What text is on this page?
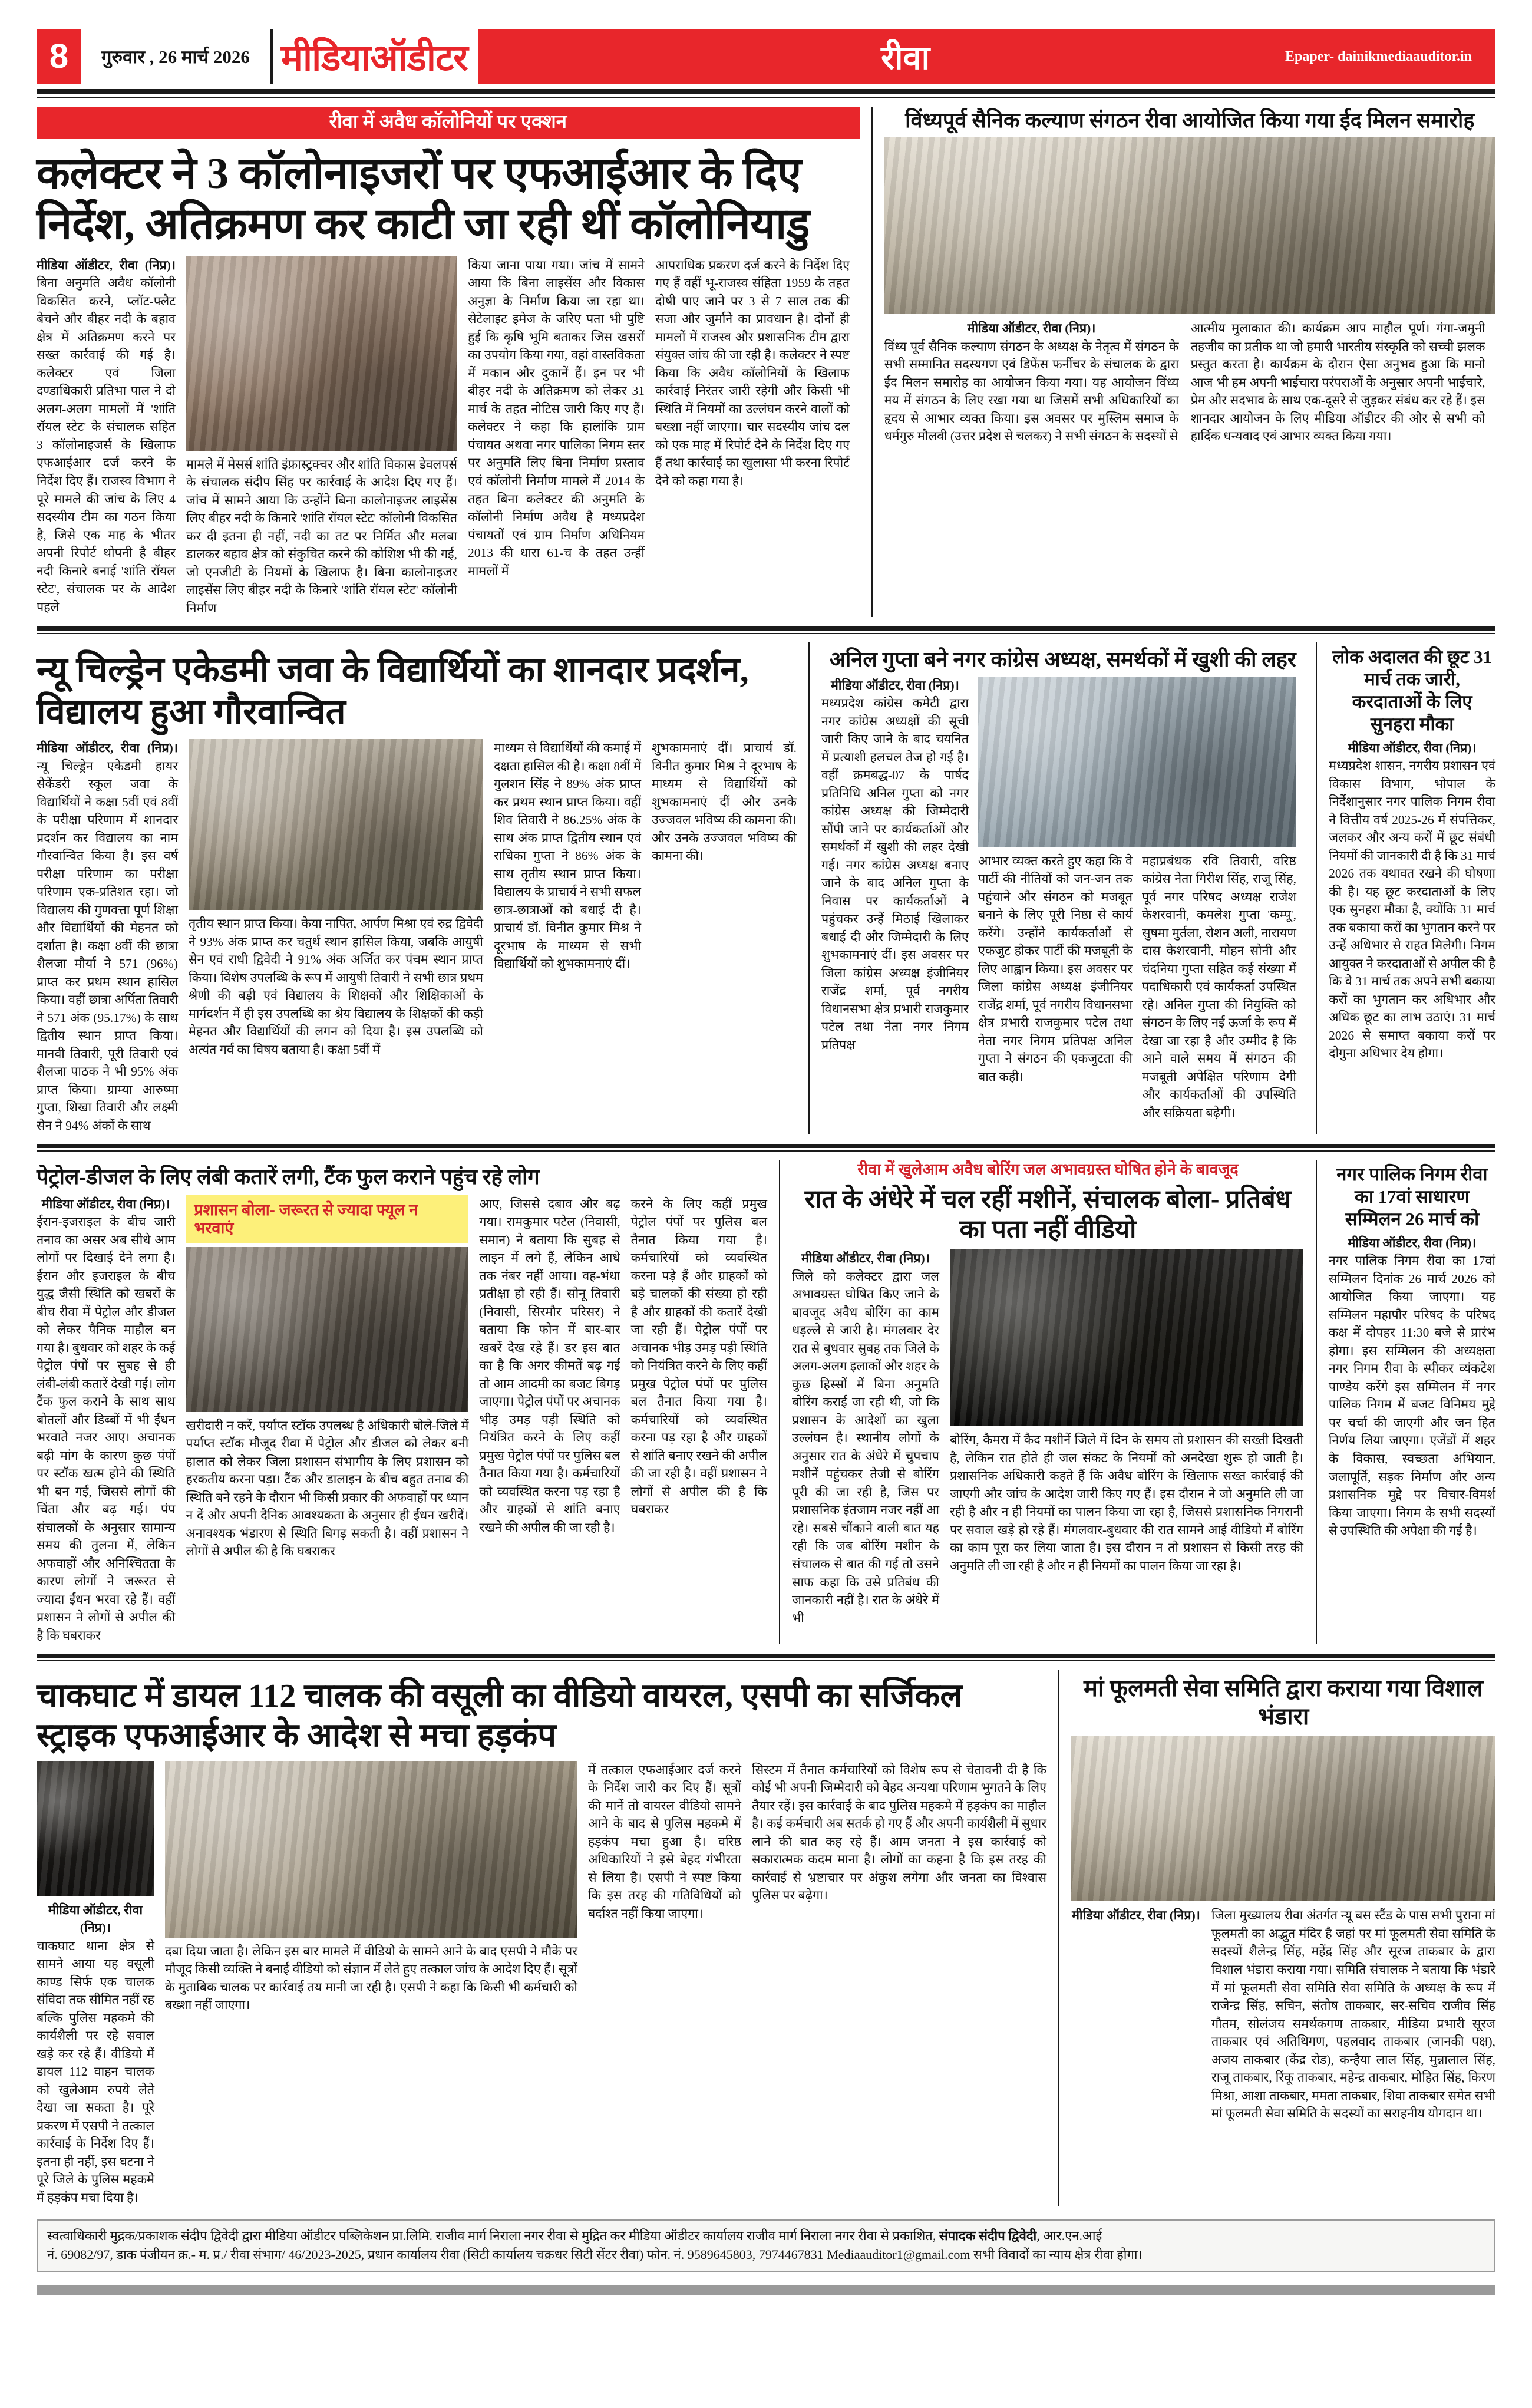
8	गुरुवार , 26 मार्च 2026 मीडियाऑडीटर	रीवा	Epaper- dainikmediaauditor.in
रीवा में अवैध कॉलोनियों पर एक्शन
कलेक्टर ने 3 कॉलोनाइजरों पर एफआईआर के दिए निर्देश, अतिक्रमण कर काटी जा रही थीं कॉलोनियाडु

मीडिया ऑडीटर, रीवा (निप्र)। बिना अनुमति अवैध कॉलोनी विकसित करने, प्लॉट-फ्लैट बेचने और बीहर नदी के बहाव क्षेत्र में अतिक्रमण करने पर सख्त कार्रवाई की गई है। कलेक्टर एवं जिला दण्डाधिकारी प्रतिभा पाल ने दो अलग-अलग मामलों में 'शांति रॉयल स्टेट' के संचालक सहित 3 कॉलोनाइजर्स के खिलाफ एफआईआर दर्ज करने के निर्देश दिए हैं। राजस्व विभाग ने पूरे मामले की जांच के लिए 4 सदस्यीय टीम का गठन किया है, जिसे एक माह के भीतर अपनी रिपोर्ट थोपनी है बीहर नदी किनारे बनाई 'शांति रॉयल स्टेट', संचालक पर के आदेश पहले

मामले में मेसर्स शांति इंफ्रास्ट्रक्चर और शांति विकास डेवलपर्स के संचालक संदीप सिंह पर कार्रवाई के आदेश दिए गए हैं। जांच में सामने आया कि उन्होंने बिना कालोनाइजर लाइसेंस लिए बीहर नदी के किनारे 'शांति रॉयल स्टेट' कॉलोनी विकसित कर दी इतना ही नहीं, नदी का तट पर निर्मित और मलबा डालकर बहाव क्षेत्र को संकुचित करने की कोशिश भी की गई, जो एनजीटी के नियमों के खिलाफ है। बिना कालोनाइजर लाइसेंस लिए बीहर नदी के किनारे 'शांति रॉयल स्टेट' कॉलोनी निर्माण

किया जाना पाया गया। जांच में सामने आया कि बिना लाइसेंस और विकास अनुज्ञा के निर्माण किया जा रहा था। सेटेलाइट इमेज के जरिए पता भी पुष्टि हुई कि कृषि भूमि बताकर जिस खसरों का उपयोग किया गया, वहां वास्तविकता में मकान और दुकानें हैं। इन पर भी बीहर नदी के अतिक्रमण को लेकर 31 मार्च के तहत नोटिस जारी किए गए हैं। कलेक्टर ने कहा कि हालांकि ग्राम पंचायत अथवा नगर पालिका निगम स्तर पर अनुमति लिए बिना निर्माण प्रस्ताव एवं कॉलोनी निर्माण मामले में 2014 के तहत बिना कलेक्टर की अनुमति के कॉलोनी निर्माण अवैध है मध्यप्रदेश पंचायतों एवं ग्राम निर्माण अधिनियम 2013 की धारा 61-च के तहत उन्हीं मामलों में

आपराधिक प्रकरण दर्ज करने के निर्देश दिए गए हैं वहीं भू-राजस्व संहिता 1959 के तहत दोषी पाए जाने पर 3 से 7 साल तक की सजा और जुर्माने का प्रावधान है। दोनों ही मामलों में राजस्व और प्रशासनिक टीम द्वारा संयुक्त जांच की जा रही है। कलेक्टर ने स्पष्ट किया कि अवैध कॉलोनियों के खिलाफ कार्रवाई निरंतर जारी रहेगी और किसी भी स्थिति में नियमों का उल्लंघन करने वालों को बख्शा नहीं जाएगा। चार सदस्यीय जांच दल को एक माह में रिपोर्ट देने के निर्देश दिए गए हैं तथा कार्रवाई का खुलासा भी करना रिपोर्ट देने को कहा गया है।

विंध्यपूर्व सैनिक कल्याण संगठन रीवा आयोजित किया गया ईद मिलन समारोह

मीडिया ऑडीटर, रीवा (निप्र)।

विंध्य पूर्व सैनिक कल्याण संगठन के अध्यक्ष के नेतृत्व में संगठन के सभी सम्मानित सदस्यगण एवं डिफेंस फर्नीचर के संचालक के द्वारा ईद मिलन समारोह का आयोजन किया गया। यह आयोजन विंध्य मय में संगठन के लिए रखा गया था जिसमें सभी अधिकारियों का हृदय से आभार व्यक्त किया। इस अवसर पर मुस्लिम समाज के धर्मगुरु मौलवी (उत्तर प्रदेश से चलकर) ने सभी संगठन के सदस्यों से

आत्मीय मुलाकात की। कार्यक्रम आप माहौल पूर्ण। गंगा-जमुनी तहजीब का प्रतीक था जो हमारी भारतीय संस्कृति को सच्ची झलक प्रस्तुत करता है। कार्यक्रम के दौरान ऐसा अनुभव हुआ कि मानो आज भी हम अपनी भाईचारा परंपराओं के अनुसार अपनी भाईचारे, प्रेम और सदभाव के साथ एक-दूसरे से जुड़कर संबंध कर रहे हैं। इस शानदार आयोजन के लिए मीडिया ऑडीटर की ओर से सभी को हार्दिक धन्यवाद एवं आभार व्यक्त किया गया।

न्यू चिल्ड्रेन एकेडमी जवा के विद्यार्थियों का शानदार प्रदर्शन, विद्यालय हुआ गौरवान्वित

मीडिया ऑडीटर, रीवा (निप्र)। न्यू चिल्ड्रेन एकेडमी हायर सेकेंडरी स्कूल जवा के विद्यार्थियों ने कक्षा 5वीं एवं 8वीं के परीक्षा परिणाम में शानदार प्रदर्शन कर विद्यालय का नाम गौरवान्वित किया है। इस वर्ष परीक्षा परिणाम का परीक्षा परिणाम एक-प्रतिशत रहा। जो विद्यालय की गुणवत्ता पूर्ण शिक्षा और विद्यार्थियों की मेहनत को दर्शाता है। कक्षा 8वीं की छात्रा शैलजा मौर्या ने 571 (96%) प्राप्त कर प्रथम स्थान हासिल किया। वहीं छात्रा अर्पिता तिवारी ने 571 अंक (95.17%) के साथ द्वितीय स्थान प्राप्त किया। मानवी तिवारी, पूरी तिवारी एवं शैलजा पाठक ने भी 95% अंक प्राप्त किया। ग्राम्या आरुष्मा गुप्ता, शिखा तिवारी और लक्ष्मी सेन ने 94% अंकों के साथ

तृतीय स्थान प्राप्त किया। केया नापित, आर्पण मिश्रा एवं रुद्र द्विवेदी ने 93% अंक प्राप्त कर चतुर्थ स्थान हासिल किया, जबकि आयुषी सेन एवं राधी द्विवेदी ने 91% अंक अर्जित कर पंचम स्थान प्राप्त किया। विशेष उपलब्धि के रूप में आयुषी तिवारी ने सभी छात्र प्रथम श्रेणी की बड़ी एवं विद्यालय के शिक्षकों और शिक्षिकाओं के मार्गदर्शन में ही इस उपलब्धि का श्रेय विद्यालय के शिक्षकों की कड़ी मेहनत और विद्यार्थियों की लगन को दिया है। इस उपलब्धि को अत्यंत गर्व का विषय बताया है। कक्षा 5वीं में

माध्यम से विद्यार्थियों की कमाई में दक्षता हासिल की है। कक्षा 8वीं में गुलशन सिंह ने 89% अंक प्राप्त कर प्रथम स्थान प्राप्त किया। वहीं शिव तिवारी ने 86.25% अंक के साथ अंक प्राप्त द्वितीय स्थान एवं राधिका गुप्ता ने 86% अंक के साथ तृतीय स्थान प्राप्त किया। विद्यालय के प्राचार्य ने सभी सफल छात्र-छात्राओं को बधाई दी है। प्राचार्य डॉ. विनीत कुमार मिश्र ने दूरभाष के माध्यम से सभी विद्यार्थियों को शुभकामनाएं दीं।

शुभकामनाएं दीं। प्राचार्य डॉ. विनीत कुमार मिश्र ने दूरभाष के माध्यम से विद्यार्थियों को शुभकामनाएं दीं और उनके उज्जवल भविष्य की कामना की। और उनके उज्जवल भविष्य की कामना की।

अनिल गुप्ता बने नगर कांग्रेस अध्यक्ष, समर्थकों में खुशी की लहर

मीडिया ऑडीटर, रीवा (निप्र)।

मध्यप्रदेश कांग्रेस कमेटी द्वारा नगर कांग्रेस अध्यक्षों की सूची जारी किए जाने के बाद चयनित में प्रत्याशी हलचल तेज हो गई है। वहीं क्रमबद्ध-07 के पार्षद प्रतिनिधि अनिल गुप्ता को नगर कांग्रेस अध्यक्ष की जिम्मेदारी सौंपी जाने पर कार्यकर्ताओं और समर्थकों में खुशी की लहर देखी गई। नगर कांग्रेस अध्यक्ष बनाए जाने के बाद अनिल गुप्ता के निवास पर कार्यकर्ताओं ने पहुंचकर उन्हें मिठाई खिलाकर बधाई दी और जिम्मेदारी के लिए शुभकामनाएं दीं। इस अवसर पर जिला कांग्रेस अध्यक्ष इंजीनियर राजेंद्र शर्मा, पूर्व नगरीय विधानसभा क्षेत्र प्रभारी राजकुमार पटेल तथा नेता नगर निगम प्रतिपक्ष

आभार व्यक्त करते हुए कहा कि वे पार्टी की नीतियों को जन-जन तक पहुंचाने और संगठन को मजबूत बनाने के लिए पूरी निष्ठा से कार्य करेंगे। उन्होंने कार्यकर्ताओं से एकजुट होकर पार्टी की मजबूती के लिए आह्वान किया। इस अवसर पर जिला कांग्रेस अध्यक्ष इंजीनियर राजेंद्र शर्मा, पूर्व नगरीय विधानसभा क्षेत्र प्रभारी राजकुमार पटेल तथा नेता नगर निगम प्रतिपक्ष अनिल गुप्ता ने संगठन की एकजुटता की बात कही।

महाप्रबंधक रवि तिवारी, वरिष्ठ कांग्रेस नेता गिरीश सिंह, राजू सिंह, पूर्व नगर परिषद अध्यक्ष राजेश केशरवानी, कमलेश गुप्ता 'कम्पू', सुषमा मुर्तला, रोशन अली, नारायण दास केशरवानी, मोहन सोनी और चंदनिया गुप्ता सहित कई संख्या में पदाधिकारी एवं कार्यकर्ता उपस्थित रहे। अनिल गुप्ता की नियुक्ति को संगठन के लिए नई ऊर्जा के रूप में देखा जा रहा है और उम्मीद है कि आने वाले समय में संगठन की मजबूती अपेक्षित परिणाम देगी और कार्यकर्ताओं की उपस्थिति और सक्रियता बढ़ेगी।

लोक अदालत की छूट 31 मार्च तक जारी, करदाताओं के लिए सुनहरा मौका

मीडिया ऑडीटर, रीवा (निप्र)।

मध्यप्रदेश शासन, नगरीय प्रशासन एवं विकास विभाग, भोपाल के निर्देशानुसार नगर पालिक निगम रीवा ने वित्तीय वर्ष 2025-26 में संपत्तिकर, जलकर और अन्य करों में छूट संबंधी नियमों की जानकारी दी है कि 31 मार्च 2026 तक यथावत रखने की घोषणा की है। यह छूट करदाताओं के लिए एक सुनहरा मौका है, क्योंकि 31 मार्च तक बकाया करों का भुगतान करने पर उन्हें अधिभार से राहत मिलेगी। निगम आयुक्त ने करदाताओं से अपील की है कि वे 31 मार्च तक अपने सभी बकाया करों का भुगतान कर अधिभार और अधिक छूट का लाभ उठाएं। 31 मार्च 2026 से समाप्त बकाया करों पर दोगुना अधिभार देय होगा।

पेट्रोल-डीजल के लिए लंबी कतारें लगी, टैंक फुल कराने पहुंच रहे लोग

मीडिया ऑडीटर, रीवा (निप्र)।

ईरान-इजराइल के बीच जारी तनाव का असर अब सीधे आम लोगों पर दिखाई देने लगा है। ईरान और इजराइल के बीच युद्ध जैसी स्थिति को खबरों के बीच रीवा में पेट्रोल और डीजल को लेकर पैनिक माहौल बन गया है। बुधवार को शहर के कई पेट्रोल पंपों पर सुबह से ही लंबी-लंबी कतारें देखी गईं। लोग टैंक फुल कराने के साथ साथ बोतलों और डिब्बों में भी ईंधन भरवाते नजर आए। अचानक बढ़ी मांग के कारण कुछ पंपों पर स्टॉक खत्म होने की स्थिति भी बन गई, जिससे लोगों की चिंता और बढ़ गई। पंप संचालकों के अनुसार सामान्य समय की तुलना में, लेकिन अफवाहों और अनिश्चितता के कारण लोगों ने जरूरत से ज्यादा ईंधन भरवा रहे हैं। वहीं प्रशासन ने लोगों से अपील की है कि घबराकर

प्रशासन बोला- जरूरत से ज्यादा फ्यूल न भरवाएं

खरीदारी न करें, पर्याप्त स्टॉक उपलब्ध है अधिकारी बोले-जिले में पर्याप्त स्टॉक मौजूद रीवा में पेट्रोल और डीजल को लेकर बनी हालात को लेकर जिला प्रशासन संभागीय के लिए प्रशासन को हरकतीय करना पड़ा। टैंक और डालाइन के बीच बहुत तनाव की स्थिति बने रहने के दौरान भी किसी प्रकार की अफवाहों पर ध्यान न दें और अपनी दैनिक आवश्यकता के अनुसार ही ईंधन खरीदें। अनावश्यक भंडारण से स्थिति बिगड़ सकती है। वहीं प्रशासन ने लोगों से अपील की है कि घबराकर

आए, जिससे दबाव और बढ़ गया। रामकुमार पटेल (निवासी, समान) ने बताया कि सुबह से लाइन में लगे हैं, लेकिन आधे तक नंबर नहीं आया। वह-भंधा प्रतीक्षा हो रही हैं। सोनू तिवारी (निवासी, सिरमौर परिसर) ने बताया कि फोन में बार-बार खबरें देख रहे हैं। डर इस बात का है कि अगर कीमतें बढ़ गईं तो आम आदमी का बजट बिगड़ जाएगा। पेट्रोल पंपों पर अचानक भीड़ उमड़ पड़ी स्थिति को नियंत्रित करने के लिए कहीं प्रमुख पेट्रोल पंपों पर पुलिस बल तैनात किया गया है। कर्मचारियों को व्यवस्थित करना पड़ रहा है और ग्राहकों से शांति बनाए रखने की अपील की जा रही है।

करने के लिए कहीं प्रमुख पेट्रोल पंपों पर पुलिस बल तैनात किया गया है। कर्मचारियों को व्यवस्थित करना पड़े हैं और ग्राहकों को बड़े चालकों की संख्या हो रही है और ग्राहकों की कतारें देखी जा रही हैं। पेट्रोल पंपों पर अचानक भीड़ उमड़ पड़ी स्थिति को नियंत्रित करने के लिए कहीं प्रमुख पेट्रोल पंपों पर पुलिस बल तैनात किया गया है। कर्मचारियों को व्यवस्थित करना पड़ रहा है और ग्राहकों से शांति बनाए रखने की अपील की जा रही है। वहीं प्रशासन ने लोगों से अपील की है कि घबराकर

रीवा में खुलेआम अवैध बोरिंग जल अभावग्रस्त घोषित होने के बावजूद
रात के अंधेरे में चल रहीं मशीनें, संचालक बोला- प्रतिबंध का पता नहीं वीडियो

मीडिया ऑडीटर, रीवा (निप्र)।

जिले को कलेक्टर द्वारा जल अभावग्रस्त घोषित किए जाने के बावजूद अवैध बोरिंग का काम धड़ल्ले से जारी है। मंगलवार देर रात से बुधवार सुबह तक जिले के अलग-अलग इलाकों और शहर के कुछ हिस्सों में बिना अनुमति बोरिंग कराई जा रही थी, जो कि प्रशासन के आदेशों का खुला उल्लंघन है। स्थानीय लोगों के अनुसार रात के अंधेरे में चुपचाप मशीनें पहुंचकर तेजी से बोरिंग पूरी की जा रही है, जिस पर प्रशासनिक इंतजाम नजर नहीं आ रहे। सबसे चौंकाने वाली बात यह रही कि जब बोरिंग मशीन के संचालक से बात की गई तो उसने साफ कहा कि उसे प्रतिबंध की जानकारी नहीं है। रात के अंधेरे में भी

बोरिंग, कैमरा में कैद मशीनें जिले में दिन के समय तो प्रशासन की सख्ती दिखती है, लेकिन रात होते ही जल संकट के नियमों को अनदेखा शुरू हो जाती है। प्रशासनिक अधिकारी कहते हैं कि अवैध बोरिंग के खिलाफ सख्त कार्रवाई की जाएगी और जांच के आदेश जारी किए गए हैं। इस दौरान ने जो अनुमति ली जा रही है और न ही नियमों का पालन किया जा रहा है, जिससे प्रशासनिक निगरानी पर सवाल खड़े हो रहे हैं। मंगलवार-बुधवार की रात सामने आई वीडियो में बोरिंग का काम पूरा कर लिया जाता है। इस दौरान न तो प्रशासन से किसी तरह की अनुमति ली जा रही है और न ही नियमों का पालन किया जा रहा है।

नगर पालिक निगम रीवा का 17वां साधारण सम्मिलन 26 मार्च को

मीडिया ऑडीटर, रीवा (निप्र)।

नगर पालिक निगम रीवा का 17वां सम्मिलन दिनांक 26 मार्च 2026 को आयोजित किया जाएगा। यह सम्मिलन महापौर परिषद के परिषद कक्ष में दोपहर 11:30 बजे से प्रारंभ होगा। इस सम्मिलन की अध्यक्षता नगर निगम रीवा के स्पीकर व्यंकटेश पाण्डेय करेंगे इस सम्मिलन में नगर पालिक निगम में बजट विनिमय मुद्दे पर चर्चा की जाएगी और जन हित निर्णय लिया जाएगा। एजेंडों में शहर के विकास, स्वच्छता अभियान, जलापूर्ति, सड़क निर्माण और अन्य प्रशासनिक मुद्दे पर विचार-विमर्श किया जाएगा। निगम के सभी सदस्यों से उपस्थिति की अपेक्षा की गई है।

चाकघाट में डायल 112 चालक की वसूली का वीडियो वायरल, एसपी का सर्जिकल स्ट्राइक एफआईआर के आदेश से मचा हड़कंप

मीडिया ऑडीटर, रीवा (निप्र)।

चाकघाट थाना क्षेत्र से सामने आया यह वसूली काण्ड सिर्फ एक चालक संविदा तक सीमित नहीं रह बल्कि पुलिस महकमे की कार्यशैली पर रहे सवाल खड़े कर रहे हैं। वीडियो में डायल 112 वाहन चालक को खुलेआम रुपये लेते देखा जा सकता है। पूरे प्रकरण में एसपी ने तत्काल कार्रवाई के निर्देश दिए हैं। इतना ही नहीं, इस घटना ने पूरे जिले के पुलिस महकमे में हड़कंप मचा दिया है।

दबा दिया जाता है। लेकिन इस बार मामले में वीडियो के सामने आने के बाद एसपी ने मौके पर मौजूद किसी व्यक्ति ने बनाई वीडियो को संज्ञान में लेते हुए तत्काल जांच के आदेश दिए हैं। सूत्रों के मुताबिक चालक पर कार्रवाई तय मानी जा रही है। एसपी ने कहा कि किसी भी कर्मचारी को बख्शा नहीं जाएगा।

में तत्काल एफआईआर दर्ज करने के निर्देश जारी कर दिए हैं। सूत्रों की मानें तो वायरल वीडियो सामने आने के बाद से पुलिस महकमे में हड़कंप मचा हुआ है। वरिष्ठ अधिकारियों ने इसे बेहद गंभीरता से लिया है। एसपी ने स्पष्ट किया कि इस तरह की गतिविधियों को बर्दाश्त नहीं किया जाएगा।

सिस्टम में तैनात कर्मचारियों को विशेष रूप से चेतावनी दी है कि कोई भी अपनी जिम्मेदारी को बेहद अन्यथा परिणाम भुगतने के लिए तैयार रहें। इस कार्रवाई के बाद पुलिस महकमे में हड़कंप का माहौल है। कई कर्मचारी अब सतर्क हो गए हैं और अपनी कार्यशैली में सुधार लाने की बात कह रहे हैं। आम जनता ने इस कार्रवाई को सकारात्मक कदम माना है। लोगों का कहना है कि इस तरह की कार्रवाई से भ्रष्टाचार पर अंकुश लगेगा और जनता का विश्वास पुलिस पर बढ़ेगा।

मां फूलमती सेवा समिति द्वारा कराया गया विशाल भंडारा

मीडिया ऑडीटर, रीवा (निप्र)। जिला मुख्यालय रीवा अंतर्गत न्यू बस स्टैंड के पास सभी पुराना मां फूलमती का अद्भुत मंदिर है जहां पर मां फूलमती सेवा समिति के सदस्यों शैलेन्द्र सिंह, महेंद्र सिंह और सूरज ताकबार के द्वारा विशाल भंडारा कराया गया। समिति संचालक ने बताया कि भंडारे में मां फूलमती सेवा समिति सेवा समिति के अध्यक्ष के रूप में राजेन्द्र सिंह, सचिन, संतोष ताकबार, सर-सचिव राजीव सिंह गौतम, सोलंजय समर्थकगण ताकबार, मीडिया प्रभारी सूरज ताकबार एवं अतिथिगण, पहलवाद ताकबार (जानकी पक्ष), अजय ताकबार (केंद्र रोड), कन्हैया लाल सिंह, मुन्नालाल सिंह, राजू ताकबार, रिंकू ताकबार, महेन्द्र ताकबार, मोहित सिंह, किरण मिश्रा, आशा ताकबार, ममता ताकबार, शिवा ताकबार समेत सभी मां फूलमती सेवा समिति के सदस्यों का सराहनीय योगदान था।

स्वत्वाधिकारी मुद्रक/प्रकाशक संदीप द्विवेदी द्वारा मीडिया ऑडीटर पब्लिकेशन प्रा.लिमि. राजीव मार्ग निराला नगर रीवा से मुद्रित कर मीडिया ऑडीटर कार्यालय राजीव मार्ग निराला नगर रीवा से प्रकाशित, संपादक संदीप द्विवेदी, आर.एन.आई
नं. 69082/97, डाक पंजीयन क्र.- म. प्र./ रीवा संभाग/ 46/2023-2025, प्रधान कार्यालय रीवा (सिटी कार्यालय चक्रधर सिटी सेंटर रीवा) फोन. नं. 9589645803, 7974467831 Mediaauditor1@gmail.com सभी विवादों का न्याय क्षेत्र रीवा होगा।
